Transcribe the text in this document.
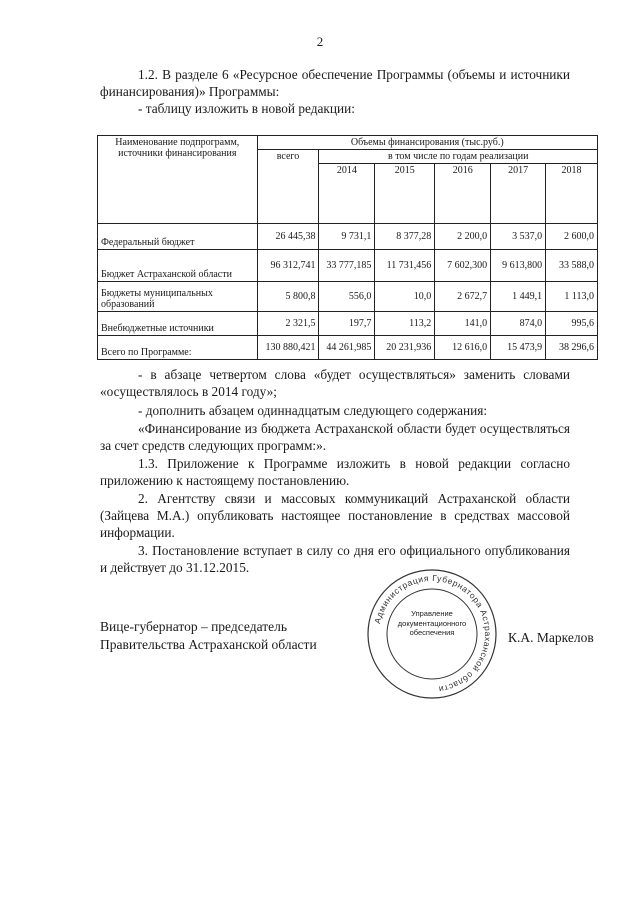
2
1.2. В разделе 6 «Ресурсное обеспечение Программы (объемы и источники финансирования)» Программы:
- таблицу изложить в новой редакции:
Наименование подпрограмм, источники финансирования	Объемы финансирования (тыс.руб.)					
	всего	в том числе по годам реализации				
		2014	2015	2016	2017	2018
Федеральный бюджет	26 445,38	9 731,1	8 377,28	2 200,0	3 537,0	2 600,0
Бюджет Астраханской области	96 312,741	33 777,185	11 731,456	7 602,300	9 613,800	33 588,0
Бюджеты муниципальных образований	5 800,8	556,0	10,0	2 672,7	1 449,1	1 113,0
Внебюджетные источники	2 321,5	197,7	113,2	141,0	874,0	995,6
Всего по Программе:	130 880,421	44 261,985	20 231,936	12 616,0	15 473,9	38 296,6
- в абзаце четвертом слова «будет осуществляться» заменить словами «осуществлялось в 2014 году»;
- дополнить абзацем одиннадцатым следующего содержания:
«Финансирование из бюджета Астраханской области будет осуществляться за счет средств следующих программ:».
1.3. Приложение к Программе изложить в новой редакции согласно приложению к настоящему постановлению.
2. Агентству связи и массовых коммуникаций Астраханской области (Зайцева М.А.) опубликовать настоящее постановление в средствах массовой информации.
3. Постановление вступает в силу со дня его официального опубликования и действует до 31.12.2015.
Вице-губернатор – председатель
Правительства Астраханской области
Администрация Губернатора Астраханской области
Управление документационного обеспечения	К.А. Маркелов
